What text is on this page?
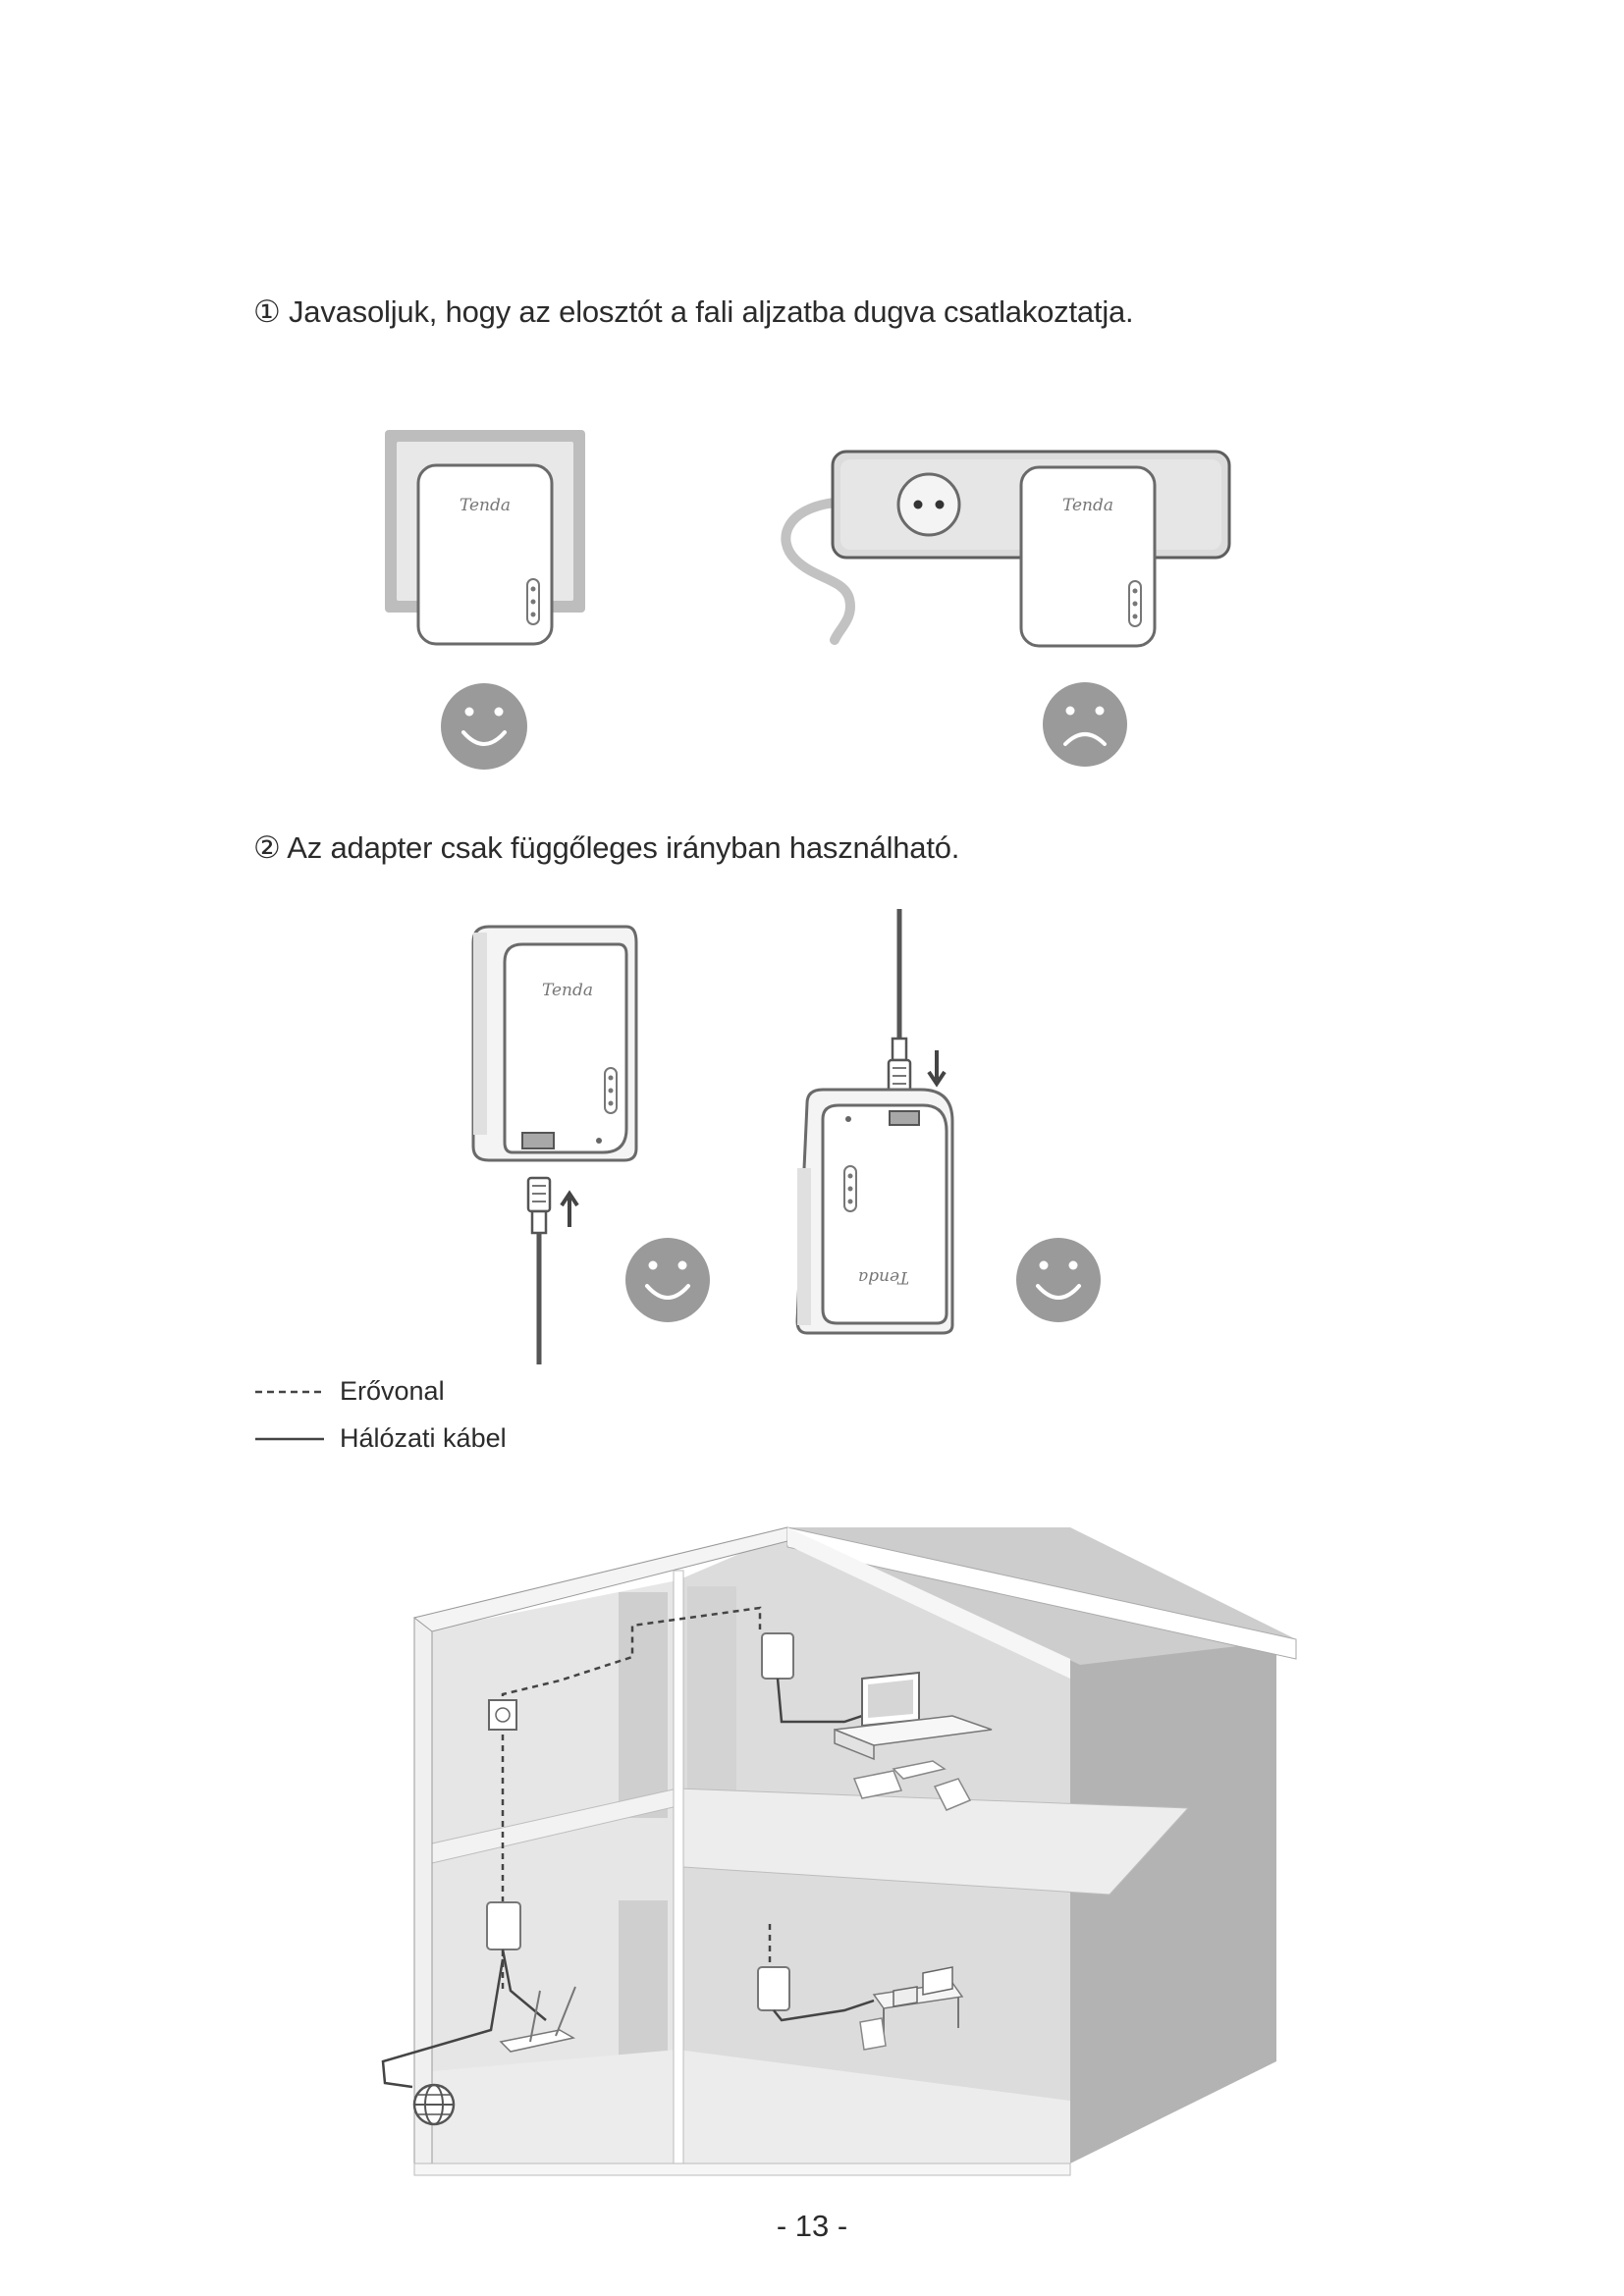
① Javasoljuk, hogy az elosztót a fali aljzatba dugva csatlakoztatja.
Tenda	Tenda
② Az adapter csak függőleges irányban használható.
Tenda
Tenda
Erővonal
Hálózati kábel
- 13 -
